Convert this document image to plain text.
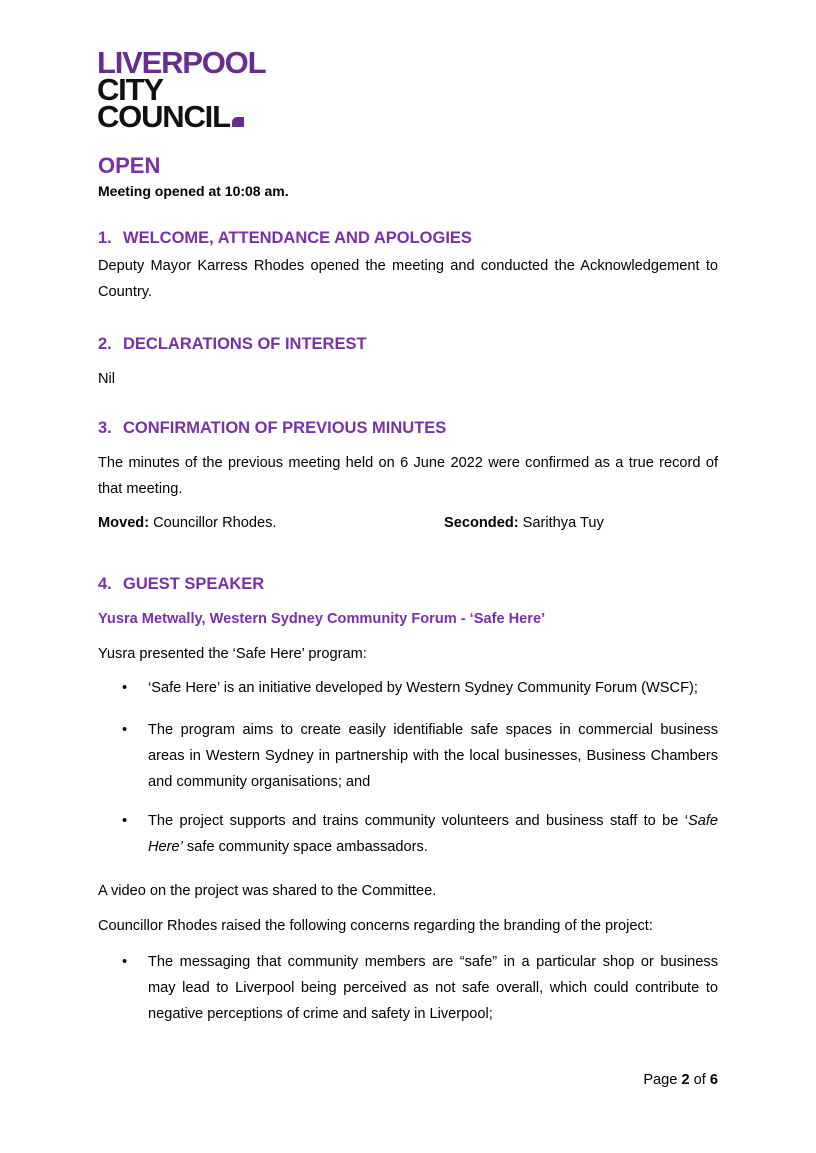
LIVERPOOL
CITY
COUNCIL
OPEN

Meeting opened at 10:08 am.

1. WELCOME, ATTENDANCE AND APOLOGIES

Deputy Mayor Karress Rhodes opened the meeting and conducted the Acknowledgement to Country.

2. DECLARATIONS OF INTEREST

Nil

3. CONFIRMATION OF PREVIOUS MINUTES

The minutes of the previous meeting held on 6 June 2022 were confirmed as a true record of that meeting.

Moved: Councillor Rhodes.	Seconded: Sarithya Tuy

4. GUEST SPEAKER
Yusra Metwally, Western Sydney Community Forum - ‘Safe Here’

Yusra presented the ‘Safe Here’ program:

• ‘Safe Here’ is an initiative developed by Western Sydney Community Forum (WSCF);

• The program aims to create easily identifiable safe spaces in commercial business areas in Western Sydney in partnership with the local businesses, Business Chambers and community organisations; and

• The project supports and trains community volunteers and business staff to be ‘Safe Here’ safe community space ambassadors.

A video on the project was shared to the Committee.

Councillor Rhodes raised the following concerns regarding the branding of the project:

• The messaging that community members are “safe” in a particular shop or business may lead to Liverpool being perceived as not safe overall, which could contribute to negative perceptions of crime and safety in Liverpool;

Page 2 of 6
